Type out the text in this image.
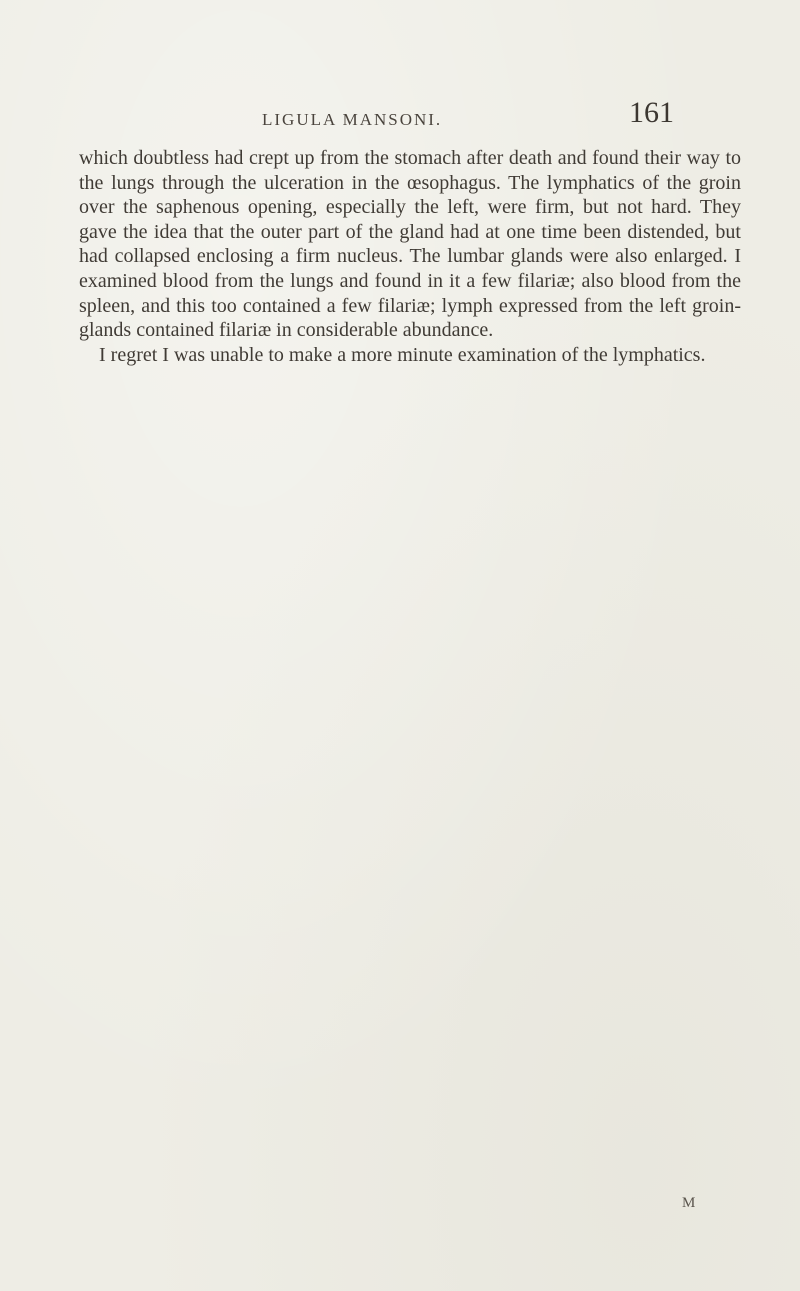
LIGULA MANSONI.	161

which doubtless had crept up from the stomach after death and found their way to the lungs through the ulceration in the œsophagus. The lymphatics of the groin over the saphenous opening, especially the left, were firm, but not hard. They gave the idea that the outer part of the gland had at one time been distended, but had collapsed enclosing a firm nucleus. The lumbar glands were also enlarged. I examined blood from the lungs and found in it a few filariæ; also blood from the spleen, and this too contained a few filariæ; lymph expressed from the left groin-glands contained filariæ in considerable abundance.

I regret I was unable to make a more minute examination of the lymphatics.

M
